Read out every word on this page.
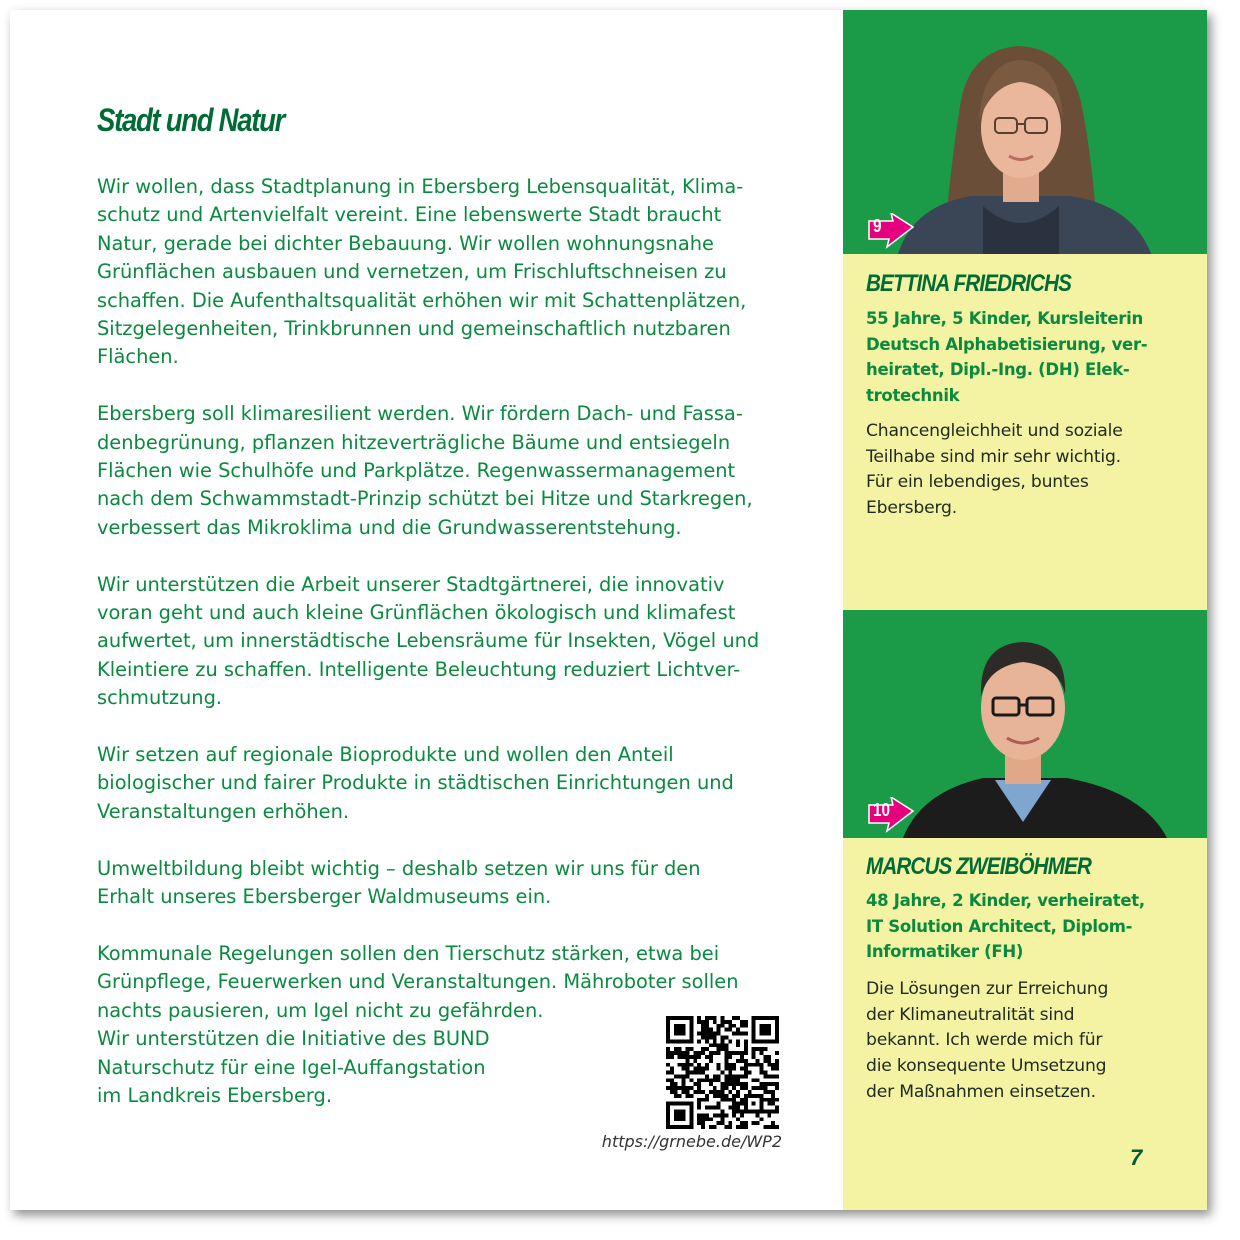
Stadt und Natur

Wir wollen, dass Stadtplanung in Ebersberg Lebensqualität, Klima-
schutz und Artenvielfalt vereint. Eine lebenswerte Stadt braucht
Natur, gerade bei dichter Bebauung. Wir wollen wohnungsnahe
Grünflächen ausbauen und vernetzen, um Frischluftschneisen zu
schaffen. Die Aufenthaltsqualität erhöhen wir mit Schattenplätzen,
Sitzgelegenheiten, Trinkbrunnen und gemeinschaftlich nutzbaren
Flächen.

Ebersberg soll klimaresilient werden. Wir fördern Dach- und Fassa-
denbegrünung, pflanzen hitzeverträgliche Bäume und entsiegeln
Flächen wie Schulhöfe und Parkplätze. Regenwassermanagement
nach dem Schwammstadt-Prinzip schützt bei Hitze und Starkregen,
verbessert das Mikroklima und die Grundwasserentstehung.

Wir unterstützen die Arbeit unserer Stadtgärtnerei, die innovativ
voran geht und auch kleine Grünflächen ökologisch und klimafest
aufwertet, um innerstädtische Lebensräume für Insekten, Vögel und
Kleintiere zu schaffen. Intelligente Beleuchtung reduziert Lichtver-
schmutzung.

Wir setzen auf regionale Bioprodukte und wollen den Anteil
biologischer und fairer Produkte in städtischen Einrichtungen und
Veranstaltungen erhöhen.

Umweltbildung bleibt wichtig – deshalb setzen wir uns für den
Erhalt unseres Ebersberger Waldmuseums ein.

Kommunale Regelungen sollen den Tierschutz stärken, etwa bei
Grünpflege, Feuerwerken und Veranstaltungen. Mähroboter sollen
nachts pausieren, um Igel nicht zu gefährden.
Wir unterstützen die Initiative des BUND
Naturschutz für eine Igel-Auffangstation
im Landkreis Ebersberg.

https://grnebe.de/WP2
9
BETTINA FRIEDRICHS
55 Jahre, 5 Kinder, Kursleiterin
Deutsch Alphabetisierung, ver-
heiratet, Dipl.-Ing. (DH) Elek-
trotechnik
Chancengleichheit und soziale
Teilhabe sind mir sehr wichtig.
Für ein lebendiges, buntes
Ebersberg.
10
MARCUS ZWEIBÖHMER
48 Jahre, 2 Kinder, verheiratet,
IT Solution Architect, Diplom-
Informatiker (FH)
Die Lösungen zur Erreichung
der Klimaneutralität sind
bekannt. Ich werde mich für
die konsequente Umsetzung
der Maßnahmen einsetzen.
7
